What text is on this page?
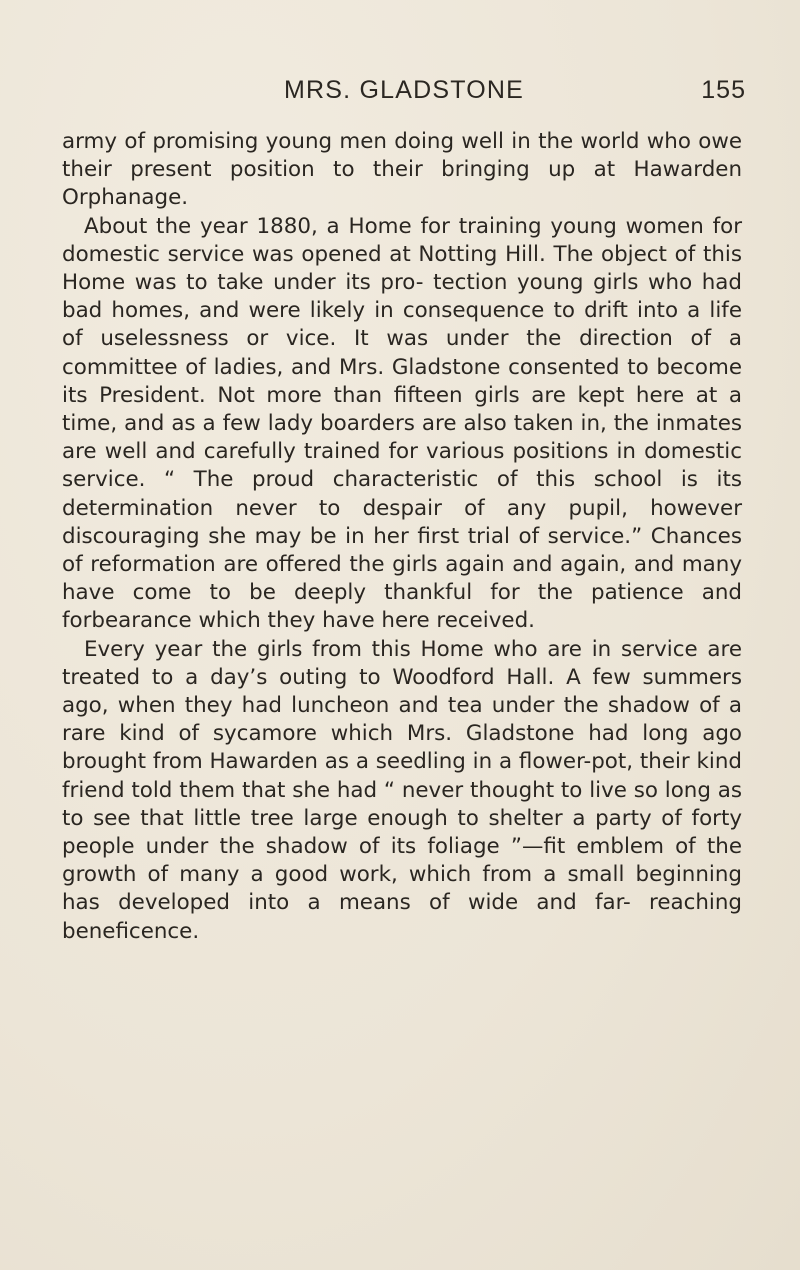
MRS. GLADSTONE	155

army of promising young men doing well in the world who owe their present position to their bringing up at Hawarden Orphanage.

About the year 1880, a Home for training young women for domestic service was opened at Notting Hill. The object of this Home was to take under its pro- tection young girls who had bad homes, and were likely in consequence to drift into a life of uselessness or vice. It was under the direction of a committee of ladies, and Mrs. Gladstone consented to become its President. Not more than fifteen girls are kept here at a time, and as a few lady boarders are also taken in, the inmates are well and carefully trained for various positions in domestic service. “ The proud characteristic of this school is its determination never to despair of any pupil, however discouraging she may be in her first trial of service.” Chances of reformation are offered the girls again and again, and many have come to be deeply thankful for the patience and forbearance which they have here received.

Every year the girls from this Home who are in service are treated to a day’s outing to Woodford Hall. A few summers ago, when they had luncheon and tea under the shadow of a rare kind of sycamore which Mrs. Gladstone had long ago brought from Hawarden as a seedling in a flower-pot, their kind friend told them that she had “ never thought to live so long as to see that little tree large enough to shelter a party of forty people under the shadow of its foliage ”—fit emblem of the growth of many a good work, which from a small beginning has developed into a means of wide and far- reaching beneficence.
